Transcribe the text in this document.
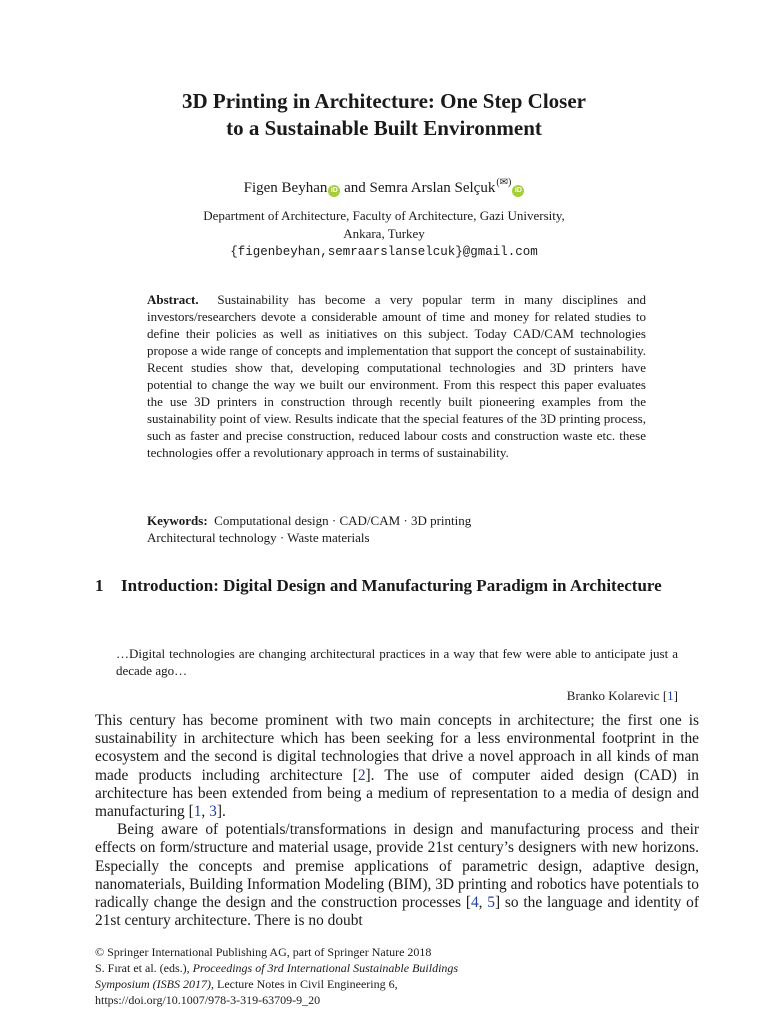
3D Printing in Architecture: One Step Closer
to a Sustainable Built Environment
Figen Beyhan iD and Semra Arslan Selçuk(✉)iD
Department of Architecture, Faculty of Architecture, Gazi University,
Ankara, Turkey
{figenbeyhan,semraarslanselcuk}@gmail.com
Abstract. Sustainability has become a very popular term in many disciplines and investors/researchers devote a considerable amount of time and money for related studies to define their policies as well as initiatives on this subject. Today CAD/CAM technologies propose a wide range of concepts and implementation that support the concept of sustainability. Recent studies show that, developing computational technologies and 3D printers have potential to change the way we built our environment. From this respect this paper evaluates the use 3D printers in construction through recently built pioneering examples from the sustainability point of view. Results indicate that the special features of the 3D printing process, such as faster and precise construction, reduced labour costs and construction waste etc. these technologies offer a revolutionary approach in terms of sustainability.
Keywords: Computational design · CAD/CAM · 3D printing
Architectural technology · Waste materials
1 Introduction: Digital Design and Manufacturing Paradigm in Architecture
…Digital technologies are changing architectural practices in a way that few were able to anticipate just a decade ago…
Branko Kolarevic [1]

This century has become prominent with two main concepts in architecture; the first one is sustainability in architecture which has been seeking for a less environmental footprint in the ecosystem and the second is digital technologies that drive a novel approach in all kinds of man made products including architecture [2]. The use of computer aided design (CAD) in architecture has been extended from being a medium of representation to a media of design and manufacturing [1, 3].

Being aware of potentials/transformations in design and manufacturing process and their effects on form/structure and material usage, provide 21st century’s designers with new horizons. Especially the concepts and premise applications of parametric design, adaptive design, nanomaterials, Building Information Modeling (BIM), 3D printing and robotics have potentials to radically change the design and the construction processes [4, 5] so the language and identity of 21st century architecture. There is no doubt

© Springer International Publishing AG, part of Springer Nature 2018
S. Fırat et al. (eds.), Proceedings of 3rd International Sustainable Buildings
Symposium (ISBS 2017), Lecture Notes in Civil Engineering 6,
https://doi.org/10.1007/978-3-319-63709-9_20
